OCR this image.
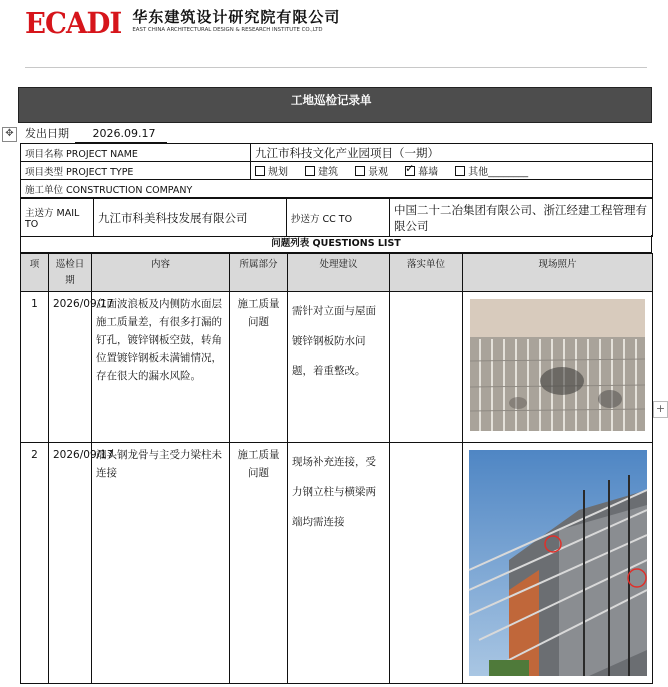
ECADI 华东建筑设计研究院有限公司
EAST CHINA ARCHITECTURAL DESIGN & RESEARCH INSTITUTE CO.,LTD
工地巡检记录单
✥	发出日期 2026.09.17
项目名称 PROJECT NAME	九江市科技文化产业园项目（一期）
项目类型 PROJECT TYPE	规划 建筑 景观 ✓ 幕墙 其他________
施工单位 CONSTRUCTION COMPANY	
主送方 MAIL TO	九江市科美科技发展有限公司	抄送方 CC TO	中国二十二冶集团有限公司、浙江经建工程管理有限公司
问题列表 QUESTIONS LIST
项	巡检日期	内容	所属部分	处理建议	落实单位	现场照片
1	2026/09/17	立面波浪板及内侧防水面层施工质量差，有很多打漏的钉孔，镀锌钢板空鼓，转角位置镀锌钢板未满铺情况，存在很大的漏水风险。	施工质量问题	需针对立面与屋面镀锌钢板防水问题，着重整改。		

2	2026/09/17	端头钢龙骨与主受力梁柱未连接	施工质量问题	现场补充连接，受力钢立柱与横梁两端均需连接		
+
